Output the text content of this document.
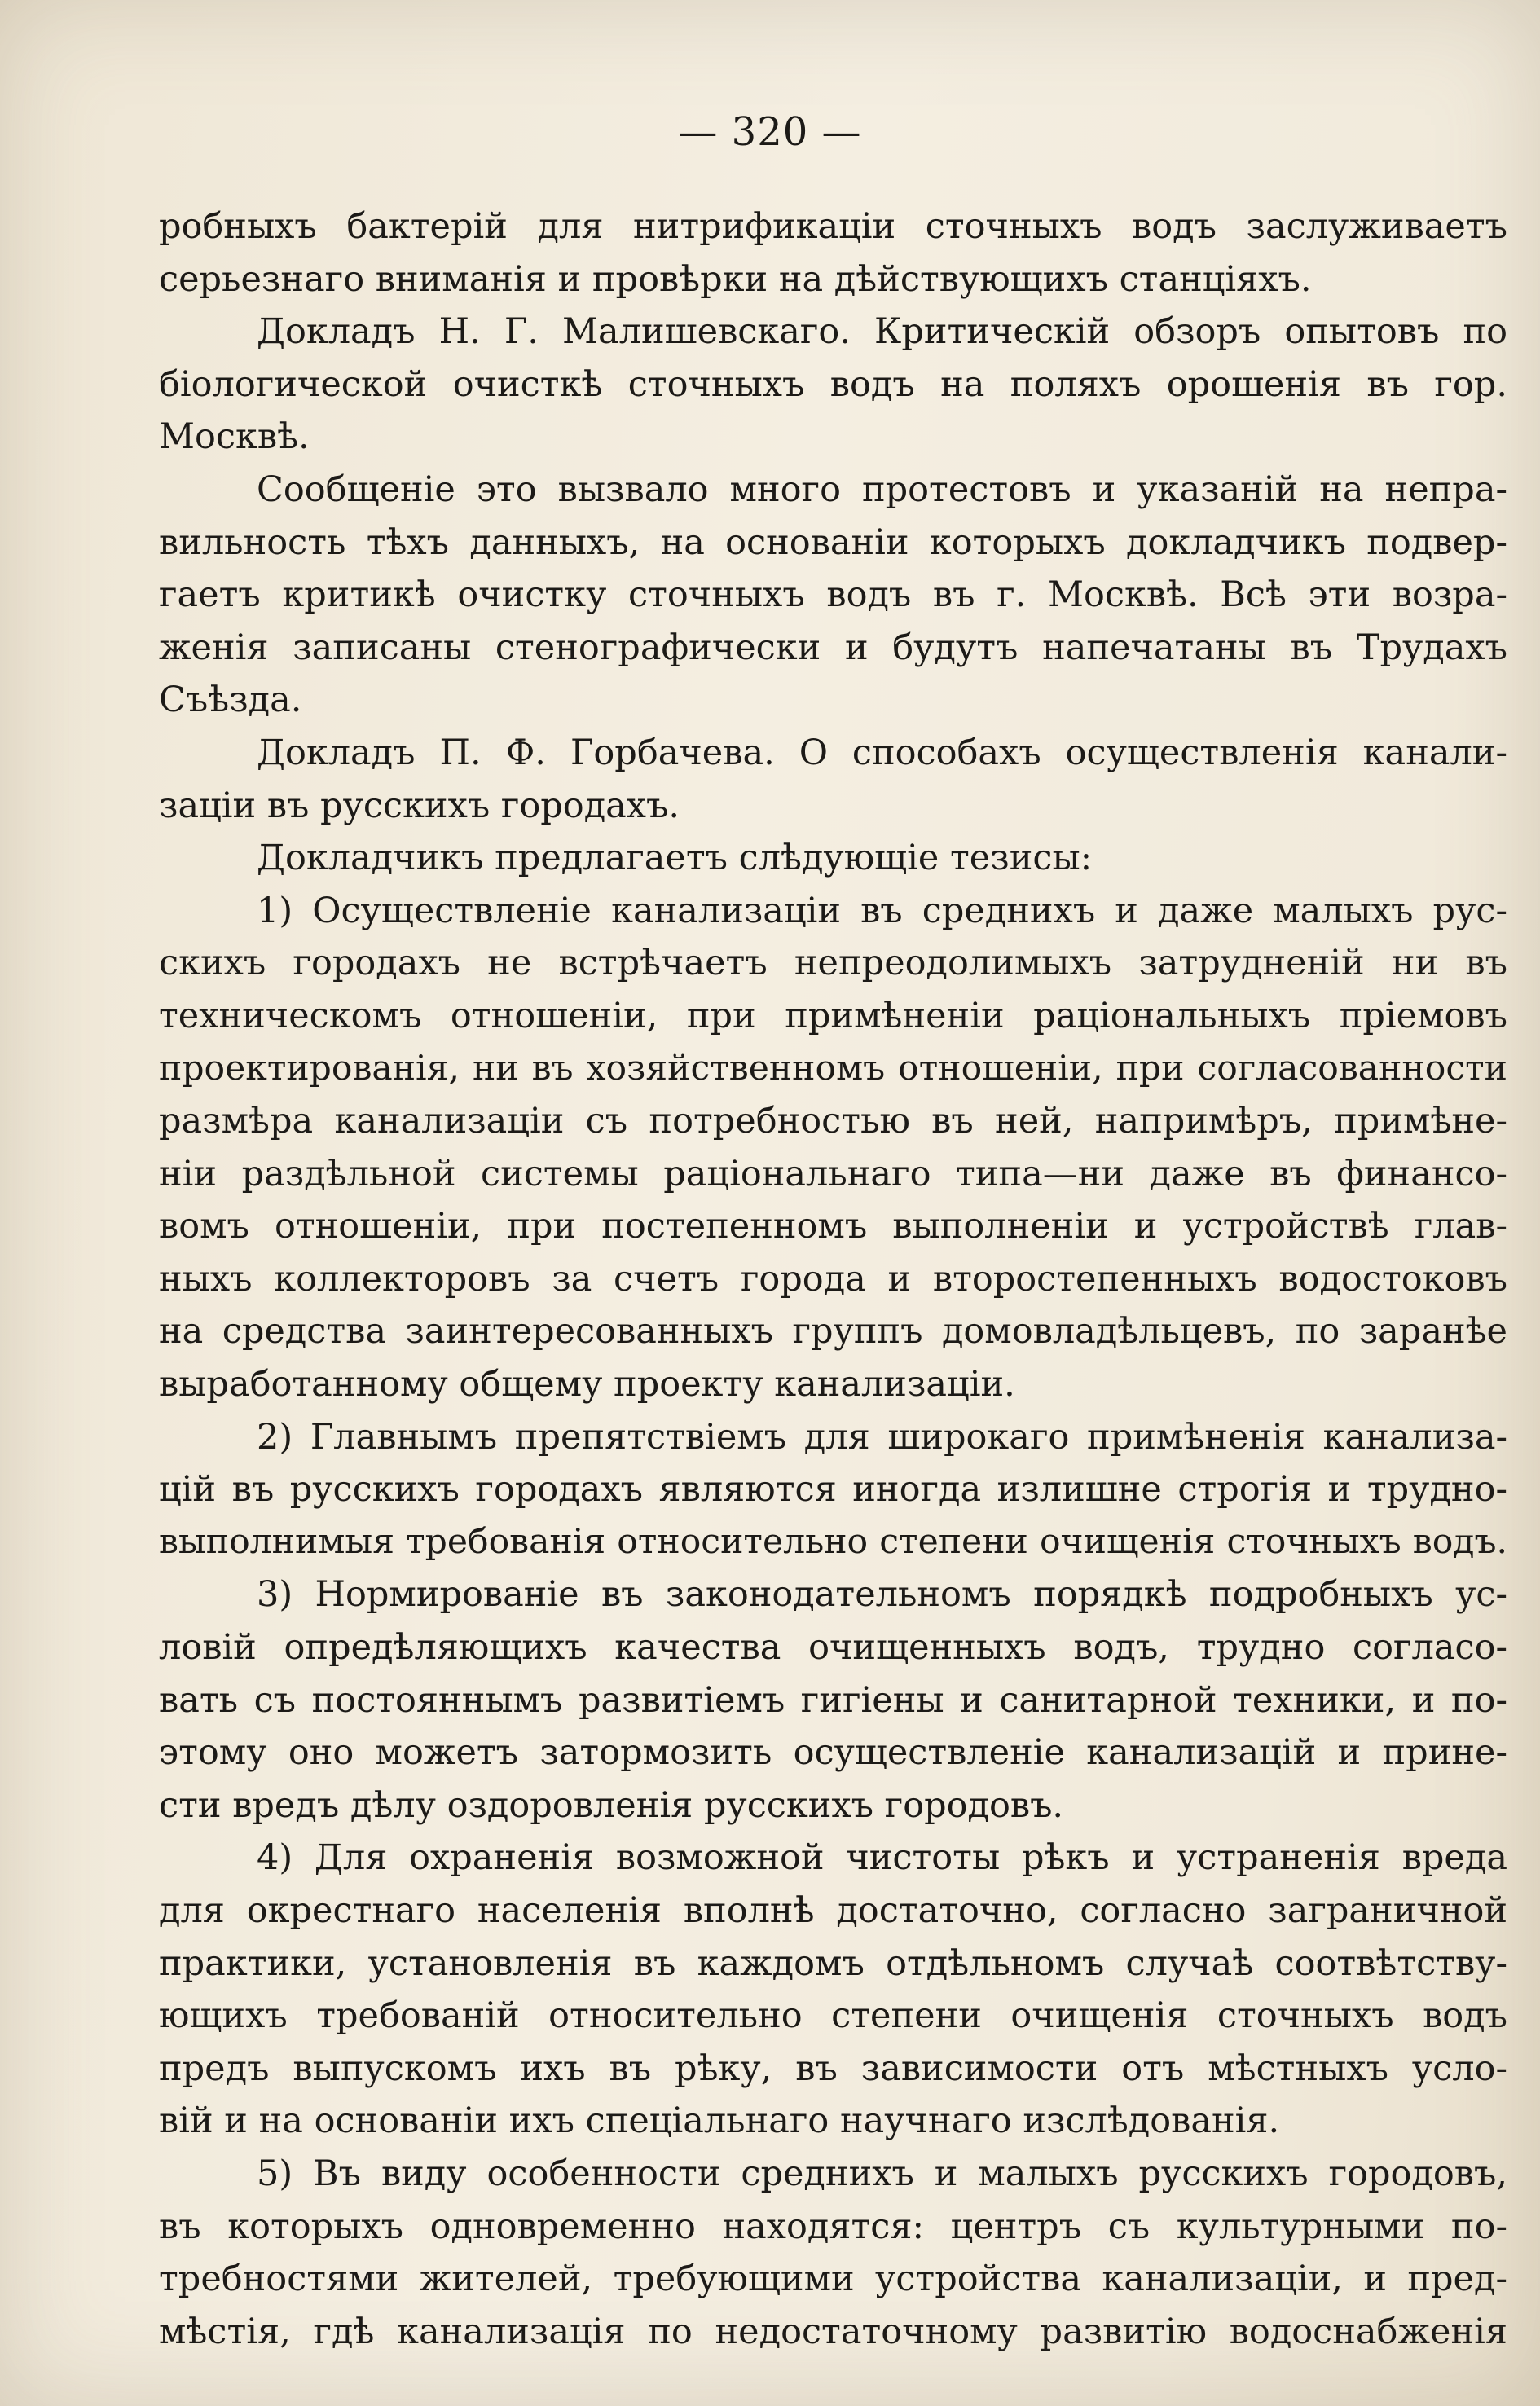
— 320 —
робныхъ бактерій для нитрификаціи сточныхъ водъ заслуживаетъ
серьезнаго вниманія и провѣрки на дѣйствующихъ станціяхъ.
Докладъ Н. Г. Малишевскаго. Критическій обзоръ опытовъ по
біологической очисткѣ сточныхъ водъ на поляхъ орошенія въ гор.
Москвѣ.
Сообщеніе это вызвало много протестовъ и указаній на непра-
вильность тѣхъ данныхъ, на основаніи которыхъ докладчикъ подвер-
гаетъ критикѣ очистку сточныхъ водъ въ г. Москвѣ. Всѣ эти возра-
женія записаны стенографически и будутъ напечатаны въ Трудахъ
Съѣзда.
Докладъ П. Ф. Горбачева. О способахъ осуществленія канали-
заціи въ русскихъ городахъ.
Докладчикъ предлагаетъ слѣдующіе тезисы:
1) Осуществленіе канализаціи въ среднихъ и даже малыхъ рус-
скихъ городахъ не встрѣчаетъ непреодолимыхъ затрудненій ни въ
техническомъ отношеніи, при примѣненіи раціональныхъ пріемовъ
проектированія, ни въ хозяйственномъ отношеніи, при согласованности
размѣра канализаціи съ потребностью въ ней, напримѣръ, примѣне-
ніи раздѣльной системы раціональнаго типа—ни даже въ финансо-
вомъ отношеніи, при постепенномъ выполненіи и устройствѣ глав-
ныхъ коллекторовъ за счетъ города и второстепенныхъ водостоковъ
на средства заинтересованныхъ группъ домовладѣльцевъ, по заранѣе
выработанному общему проекту канализаціи.
2) Главнымъ препятствіемъ для широкаго примѣненія канализа-
цій въ русскихъ городахъ являются иногда излишне строгія и трудно-
выполнимыя требованія относительно степени очищенія сточныхъ водъ.
3) Нормированіе въ законодательномъ порядкѣ подробныхъ ус-
ловій опредѣляющихъ качества очищенныхъ водъ, трудно согласо-
вать съ постояннымъ развитіемъ гигіены и санитарной техники, и по-
этому оно можетъ затормозить осуществленіе канализацій и прине-
сти вредъ дѣлу оздоровленія русскихъ городовъ.
4) Для охраненія возможной чистоты рѣкъ и устраненія вреда
для окрестнаго населенія вполнѣ достаточно, согласно заграничной
практики, установленія въ каждомъ отдѣльномъ случаѣ соотвѣтству-
ющихъ требованій относительно степени очищенія сточныхъ водъ
предъ выпускомъ ихъ въ рѣку, въ зависимости отъ мѣстныхъ усло-
вій и на основаніи ихъ спеціальнаго научнаго изслѣдованія.
5) Въ виду особенности среднихъ и малыхъ русскихъ городовъ,
въ которыхъ одновременно находятся: центръ съ культурными по-
требностями жителей, требующими устройства канализаціи, и пред-
мѣстія, гдѣ канализація по недостаточному развитію водоснабженія
